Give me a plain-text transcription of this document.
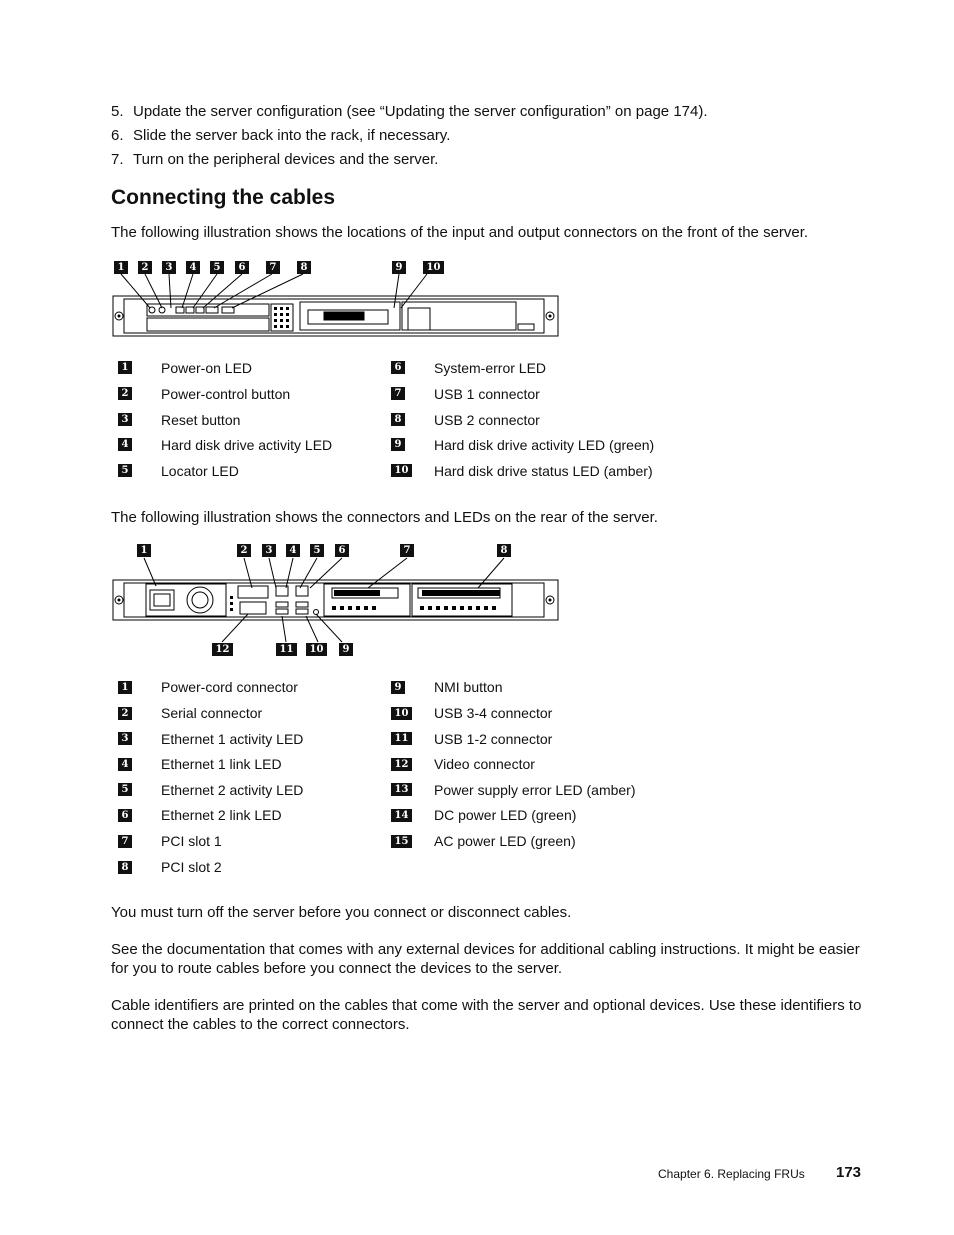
5. Update the server configuration (see “Updating the server configuration” on page 174).
6. Slide the server back into the rack, if necessary.
7. Turn on the peripheral devices and the server.
Connecting the cables

The following illustration shows the locations of the input and output connectors on the front of the server.

1	2	3	4	5	6	7	8	9	10
1 Power-on LED
2 Power-control button
3 Reset button
4 Hard disk drive activity LED
5 Locator LED
6 System-error LED
7 USB 1 connector
8 USB 2 connector
9 Hard disk drive activity LED (green)
10 Hard disk drive status LED (amber)

The following illustration shows the connectors and LEDs on the rear of the server.

1	2	3	4	5	6	7	8
12	11	10	9
1 Power-cord connector
2 Serial connector
3 Ethernet 1 activity LED
4 Ethernet 1 link LED
5 Ethernet 2 activity LED
6 Ethernet 2 link LED
7 PCI slot 1
8 PCI slot 2
9 NMI button
10 USB 3-4 connector
11 USB 1-2 connector
12 Video connector
13 Power supply error LED (amber)
14 DC power LED (green)
15 AC power LED (green)

You must turn off the server before you connect or disconnect cables.

See the documentation that comes with any external devices for additional cabling instructions. It might be easier for you to route cables before you connect the devices to the server.

Cable identifiers are printed on the cables that come with the server and optional devices. Use these identifiers to connect the cables to the correct connectors.

Chapter 6. Replacing FRUs 173
